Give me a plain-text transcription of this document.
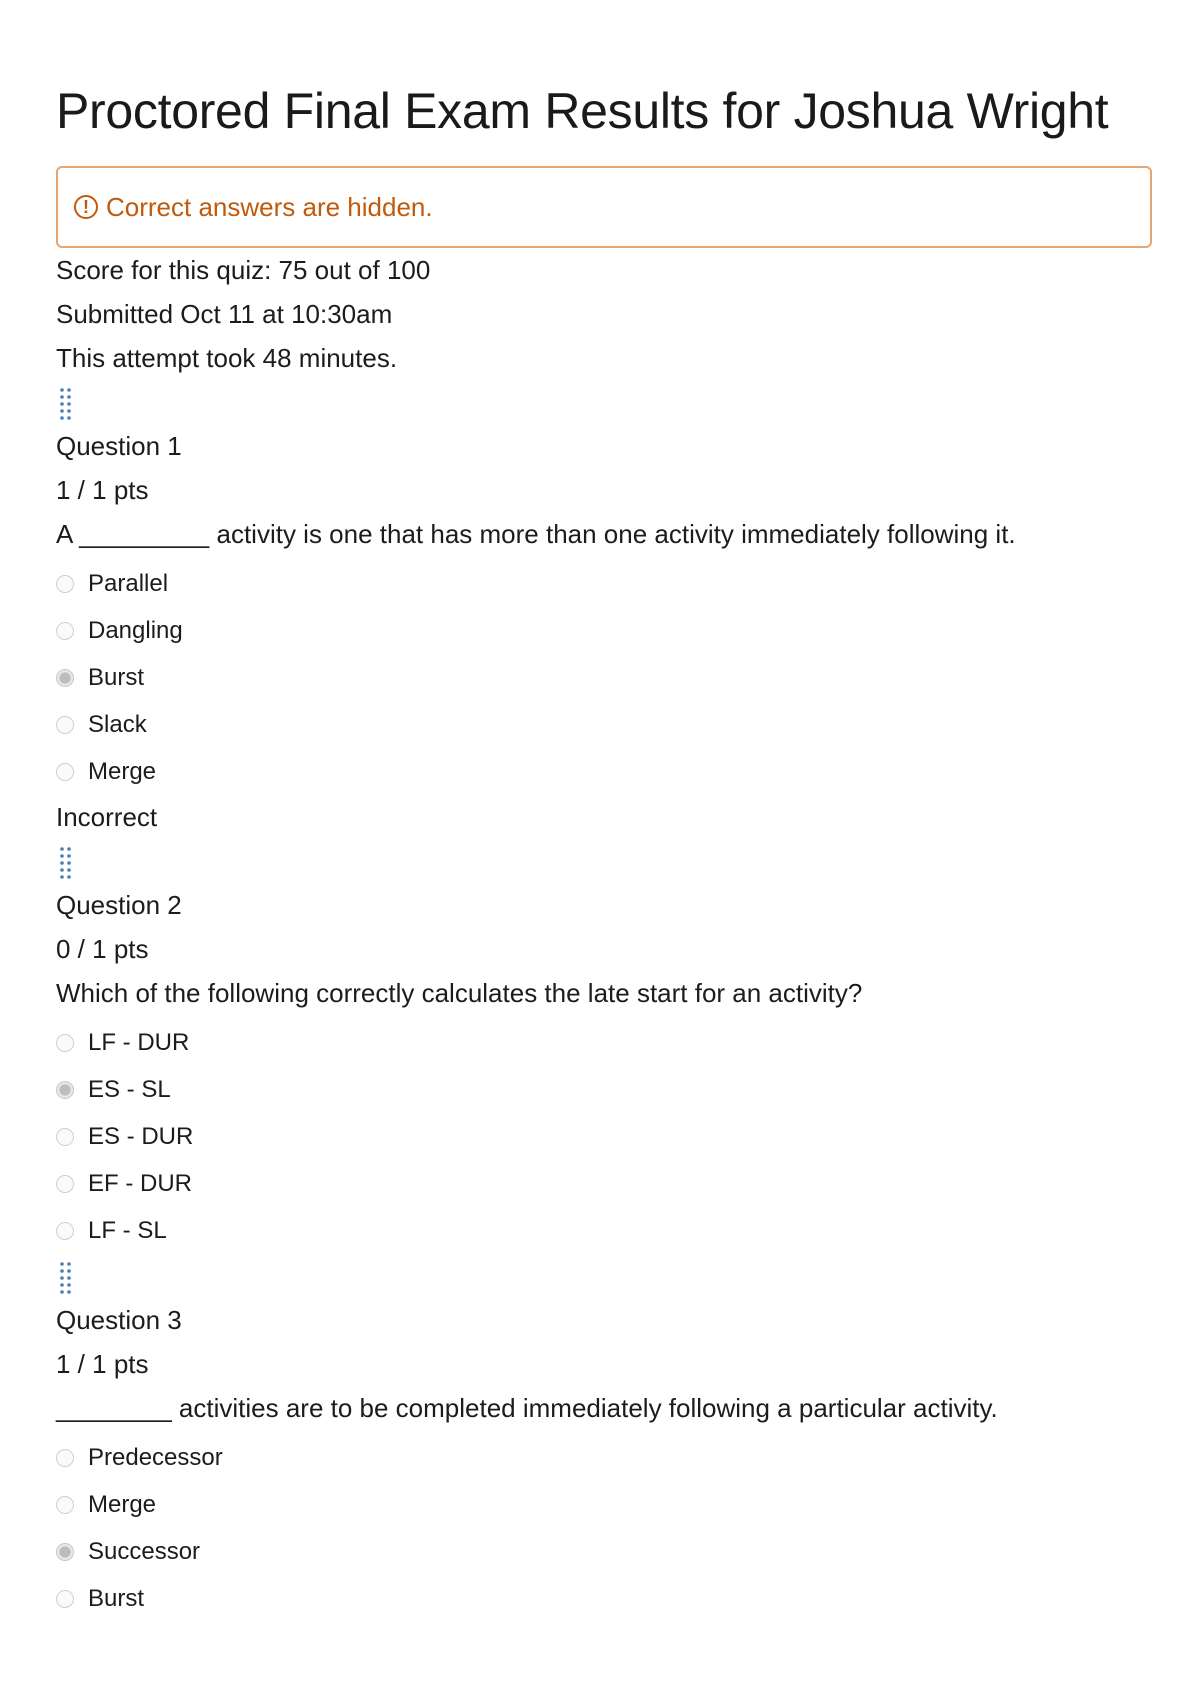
Proctored Final Exam Results for Joshua Wright
! Correct answers are hidden.
Score for this quiz: 75 out of 100
Submitted Oct 11 at 10:30am
This attempt took 48 minutes.
Question 1
1 / 1 pts
A _________ activity is one that has more than one activity immediately following it.
Parallel
Dangling
Burst
Slack
Merge
Incorrect
Question 2
0 / 1 pts
Which of the following correctly calculates the late start for an activity?
LF - DUR
ES - SL
ES - DUR
EF - DUR
LF - SL
Question 3
1 / 1 pts
________ activities are to be completed immediately following a particular activity.
Predecessor
Merge
Successor
Burst
